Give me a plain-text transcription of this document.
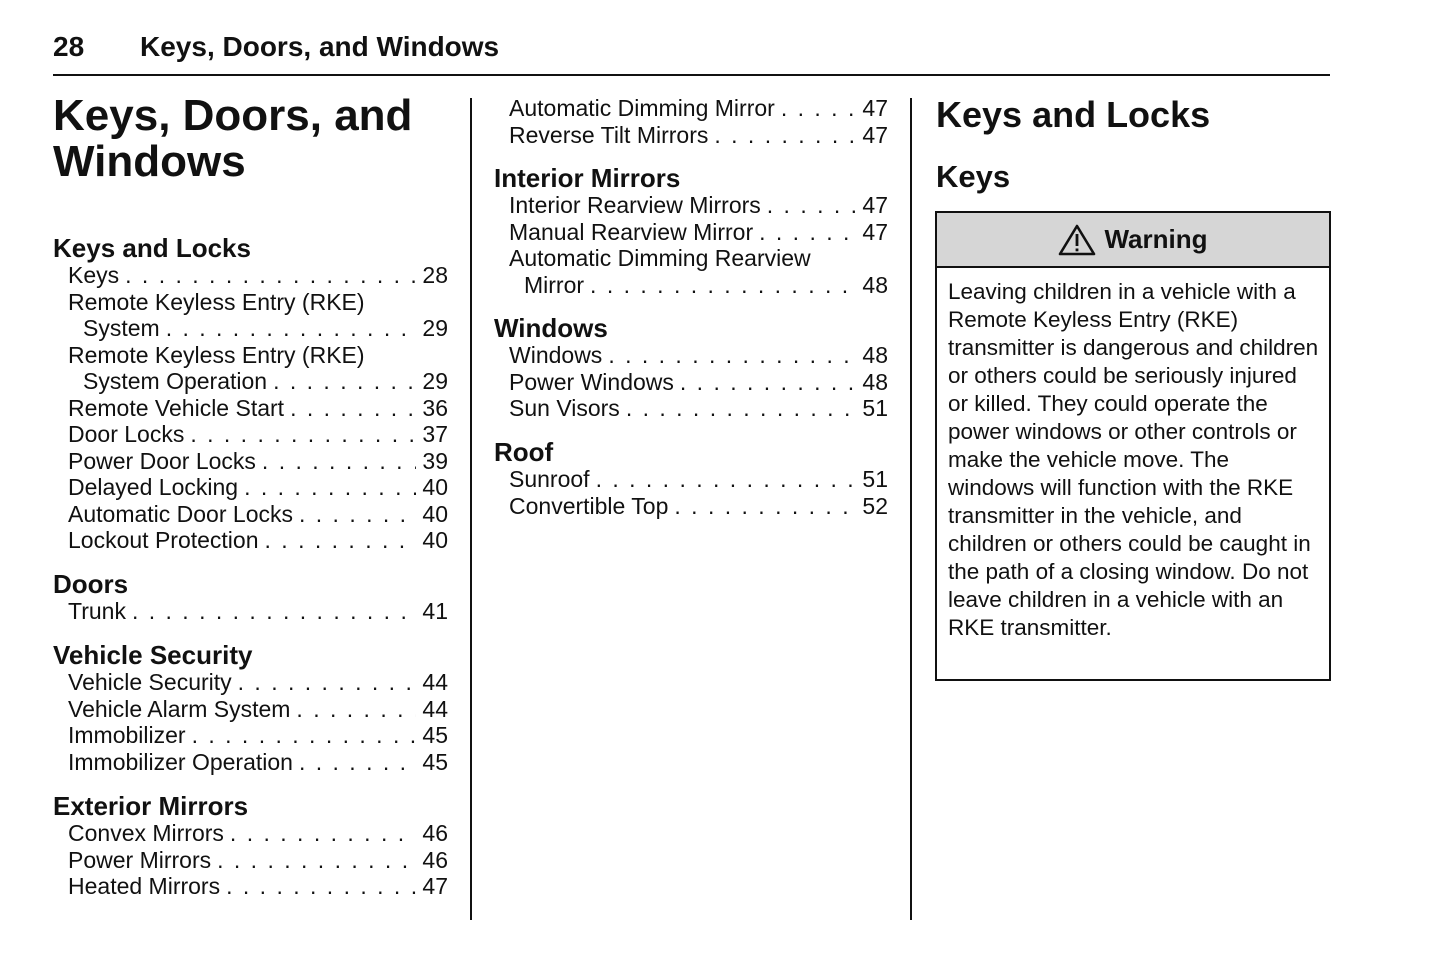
28 Keys, Doors, and Windows
Keys, Doors, and
Windows
Keys and Locks
Keys . . .	28
Remote Keyless Entry (RKE)
System . . .	29
Remote Keyless Entry (RKE)
System Operation . . .	29
Remote Vehicle Start . . .	36
Door Locks . . .	37
Power Door Locks . . .	39
Delayed Locking . . .	40
Automatic Door Locks . . .	40
Lockout Protection . . .	40
Doors
Trunk . . .	41
Vehicle Security
Vehicle Security . . .	44
Vehicle Alarm System . . .	44
Immobilizer . . .	45
Immobilizer Operation . . .	45
Exterior Mirrors
Convex Mirrors . . .	46
Power Mirrors . . .	46
Heated Mirrors . . .	47
Automatic Dimming Mirror . . .	47
Reverse Tilt Mirrors . . .	47
Interior Mirrors
Interior Rearview Mirrors . . .	47
Manual Rearview Mirror . . .	47
Automatic Dimming Rearview
Mirror . . .	48
Windows
Windows . . .	48
Power Windows . . .	48
Sun Visors . . .	51
Roof
Sunroof . . .	51
Convertible Top . . .	52
Keys and Locks
Keys
Warning
Leaving children in a vehicle with a Remote Keyless Entry (RKE) transmitter is dangerous and children or others could be seriously injured or killed. They could operate the power windows or other controls or make the vehicle move. The windows will function with the RKE transmitter in the vehicle, and children or others could be caught in the path of a closing window. Do not leave children in a vehicle with an RKE transmitter.
